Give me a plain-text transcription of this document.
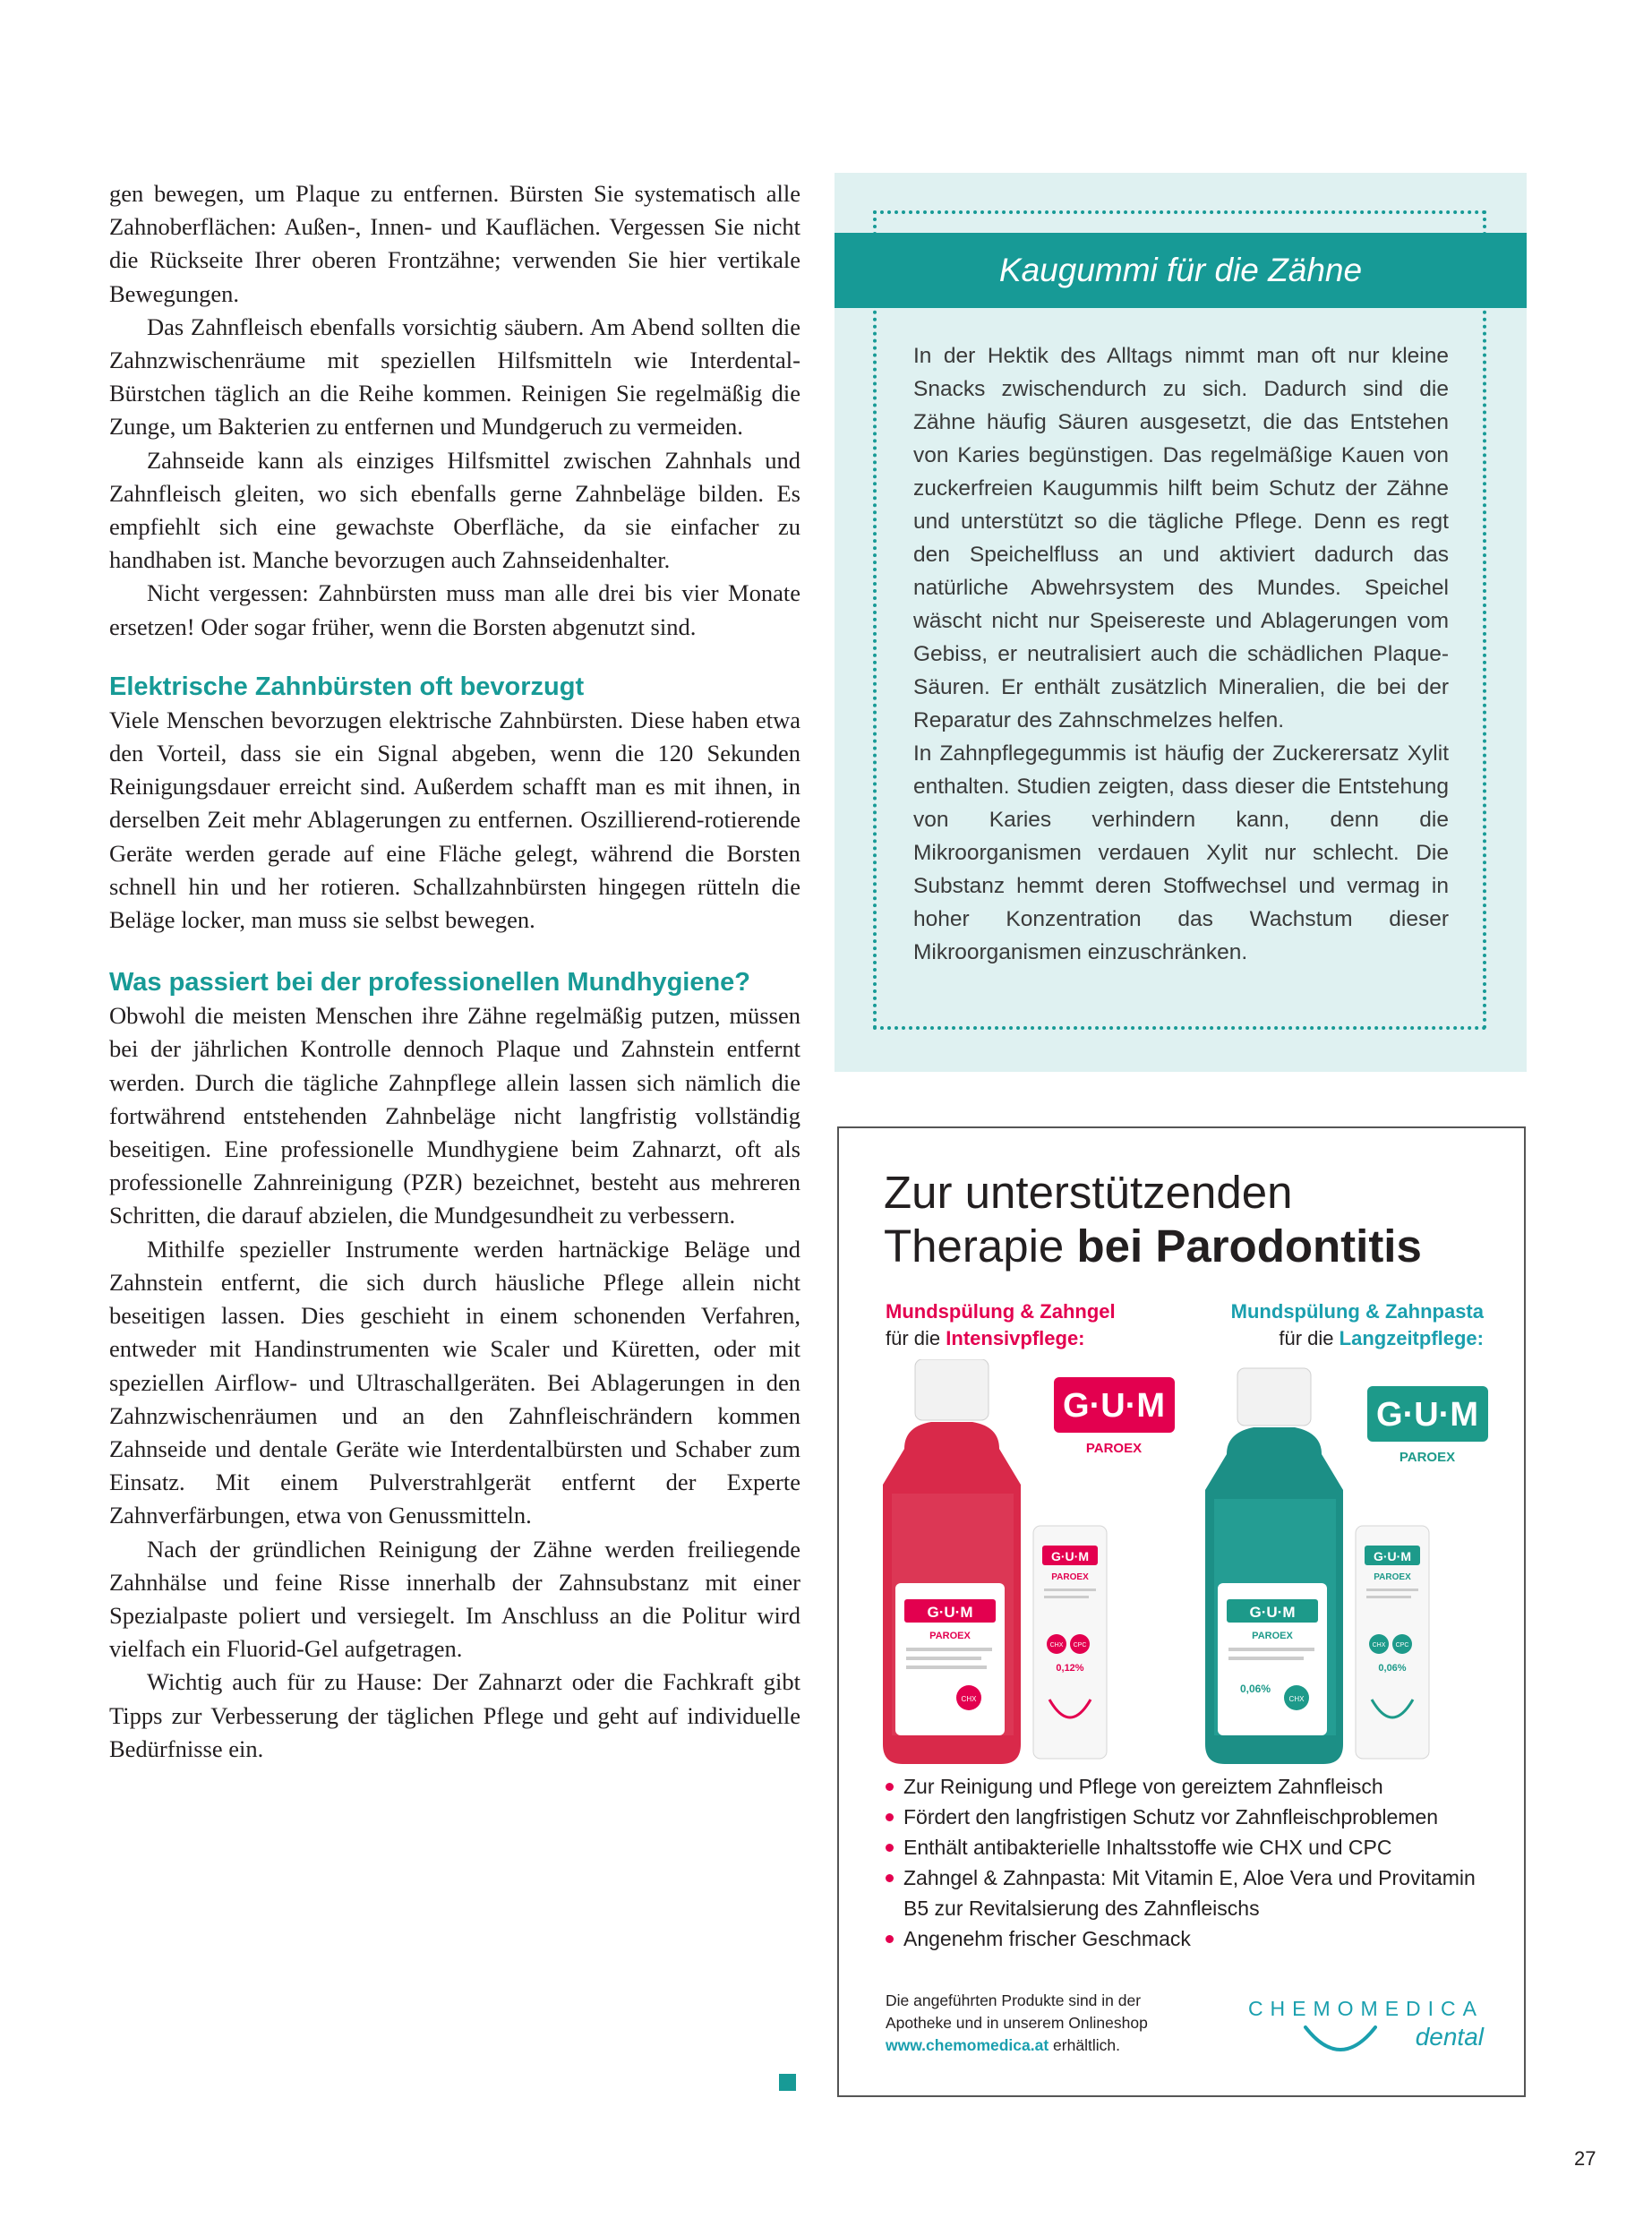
gen bewegen, um Plaque zu entfernen. Bürsten Sie systematisch alle Zahnoberflächen: Außen-, Innen- und Kauflächen. Vergessen Sie nicht die Rückseite Ihrer oberen Frontzähne; verwenden Sie hier vertikale Bewegungen.

Das Zahnfleisch ebenfalls vorsichtig säubern. Am Abend sollten die Zahnzwischenräume mit speziellen Hilfsmitteln wie Interdental-Bürstchen täglich an die Reihe kommen. Reinigen Sie regelmäßig die Zunge, um Bakterien zu entfernen und Mundgeruch zu vermeiden.

Zahnseide kann als einziges Hilfsmittel zwischen Zahnhals und Zahnfleisch gleiten, wo sich ebenfalls gerne Zahnbeläge bilden. Es empfiehlt sich eine gewachste Oberfläche, da sie einfacher zu handhaben ist. Manche bevorzugen auch Zahnseidenhalter.

Nicht vergessen: Zahnbürsten muss man alle drei bis vier Monate ersetzen! Oder sogar früher, wenn die Borsten abgenutzt sind.

Elektrische Zahnbürsten oft bevorzugt

Viele Menschen bevorzugen elektrische Zahnbürsten. Diese haben etwa den Vorteil, dass sie ein Signal abgeben, wenn die 120 Sekunden Reinigungsdauer erreicht sind. Außerdem schafft man es mit ihnen, in derselben Zeit mehr Ablagerungen zu entfernen. Oszillierend-rotierende Geräte werden gerade auf eine Fläche gelegt, während die Borsten schnell hin und her rotieren. Schallzahnbürsten hingegen rütteln die Beläge locker, man muss sie selbst bewegen.

Was passiert bei der professionellen Mundhygiene?

Obwohl die meisten Menschen ihre Zähne regelmäßig putzen, müssen bei der jährlichen Kontrolle dennoch Plaque und Zahnstein entfernt werden. Durch die tägliche Zahnpflege allein lassen sich nämlich die fortwährend entstehenden Zahnbeläge nicht langfristig vollständig beseitigen. Eine professionelle Mundhygiene beim Zahnarzt, oft als professionelle Zahnreinigung (PZR) bezeichnet, besteht aus mehreren Schritten, die darauf abzielen, die Mundgesundheit zu verbessern.

Mithilfe spezieller Instrumente werden hartnäckige Beläge und Zahnstein entfernt, die sich durch häusliche Pflege allein nicht beseitigen lassen. Dies geschieht in einem schonenden Verfahren, entweder mit Handinstrumenten wie Scaler und Küretten, oder mit speziellen Airflow- und Ultraschallgeräten. Bei Ablagerungen in den Zahnzwischenräumen und an den Zahnfleischrändern kommen Zahnseide und dentale Geräte wie Interdentalbürsten und Schaber zum Einsatz. Mit einem Pulverstrahlgerät entfernt der Experte Zahnverfärbungen, etwa von Genussmitteln.

Nach der gründlichen Reinigung der Zähne werden freiliegende Zahnhälse und feine Risse innerhalb der Zahnsubstanz mit einer Spezialpaste poliert und versiegelt. Im Anschluss an die Politur wird vielfach ein Fluorid-Gel aufgetragen.

Wichtig auch für zu Hause: Der Zahnarzt oder die Fachkraft gibt Tipps zur Verbesserung der täglichen Pflege und geht auf individuelle Bedürfnisse ein.

Kaugummi für die Zähne

In der Hektik des Alltags nimmt man oft nur kleine Snacks zwischendurch zu sich. Dadurch sind die Zähne häufig Säuren ausgesetzt, die das Entstehen von Karies begünstigen. Das regelmäßige Kauen von zuckerfreien Kaugummis hilft beim Schutz der Zähne und unterstützt so die tägliche Pflege. Denn es regt den Speichelfluss an und aktiviert dadurch das natürliche Abwehrsystem des Mundes. Speichel wäscht nicht nur Speisereste und Ablagerungen vom Gebiss, er neutralisiert auch die schädlichen Plaque-Säuren. Er enthält zusätzlich Mineralien, die bei der Reparatur des Zahnschmelzes helfen.

In Zahnpflegegummis ist häufig der Zuckerersatz Xylit enthalten. Studien zeigten, dass dieser die Entstehung von Karies verhindern kann, denn die Mikroorganismen verdauen Xylit nur schlecht. Die Substanz hemmt deren Stoffwechsel und vermag in hoher Konzentration das Wachstum dieser Mikroorganismen einzuschränken.

Zur unterstützenden
Therapie bei Parodontitis
Mundspülung & Zahngel
für die Intensivpflege:
Mundspülung & Zahnpasta
für die Langzeitpflege:
G·U·M
PAROEX
G·U·M
PAROEX
CHX
G·U·M
PAROEX
CHX CPC
0,12%
G·U·M
PAROEX
G·U·M
PAROEX
0,06%
CHX
G·U·M
PAROEX
CHX CPC
0,06%
Zur Reinigung und Pflege von gereiztem Zahnfleisch
Fördert den langfristigen Schutz vor Zahnfleischproblemen
Enthält antibakterielle Inhaltsstoffe wie CHX und CPC
Zahngel & Zahnpasta: Mit Vitamin E, Aloe Vera und Provitamin B5 zur Revitalsierung des Zahnfleischs
Angenehm frischer Geschmack
Die angeführten Produkte sind in der Apotheke und in unserem Onlineshop
www.chemomedica.at erhältlich.
CHEMOMEDICA
dental
27
